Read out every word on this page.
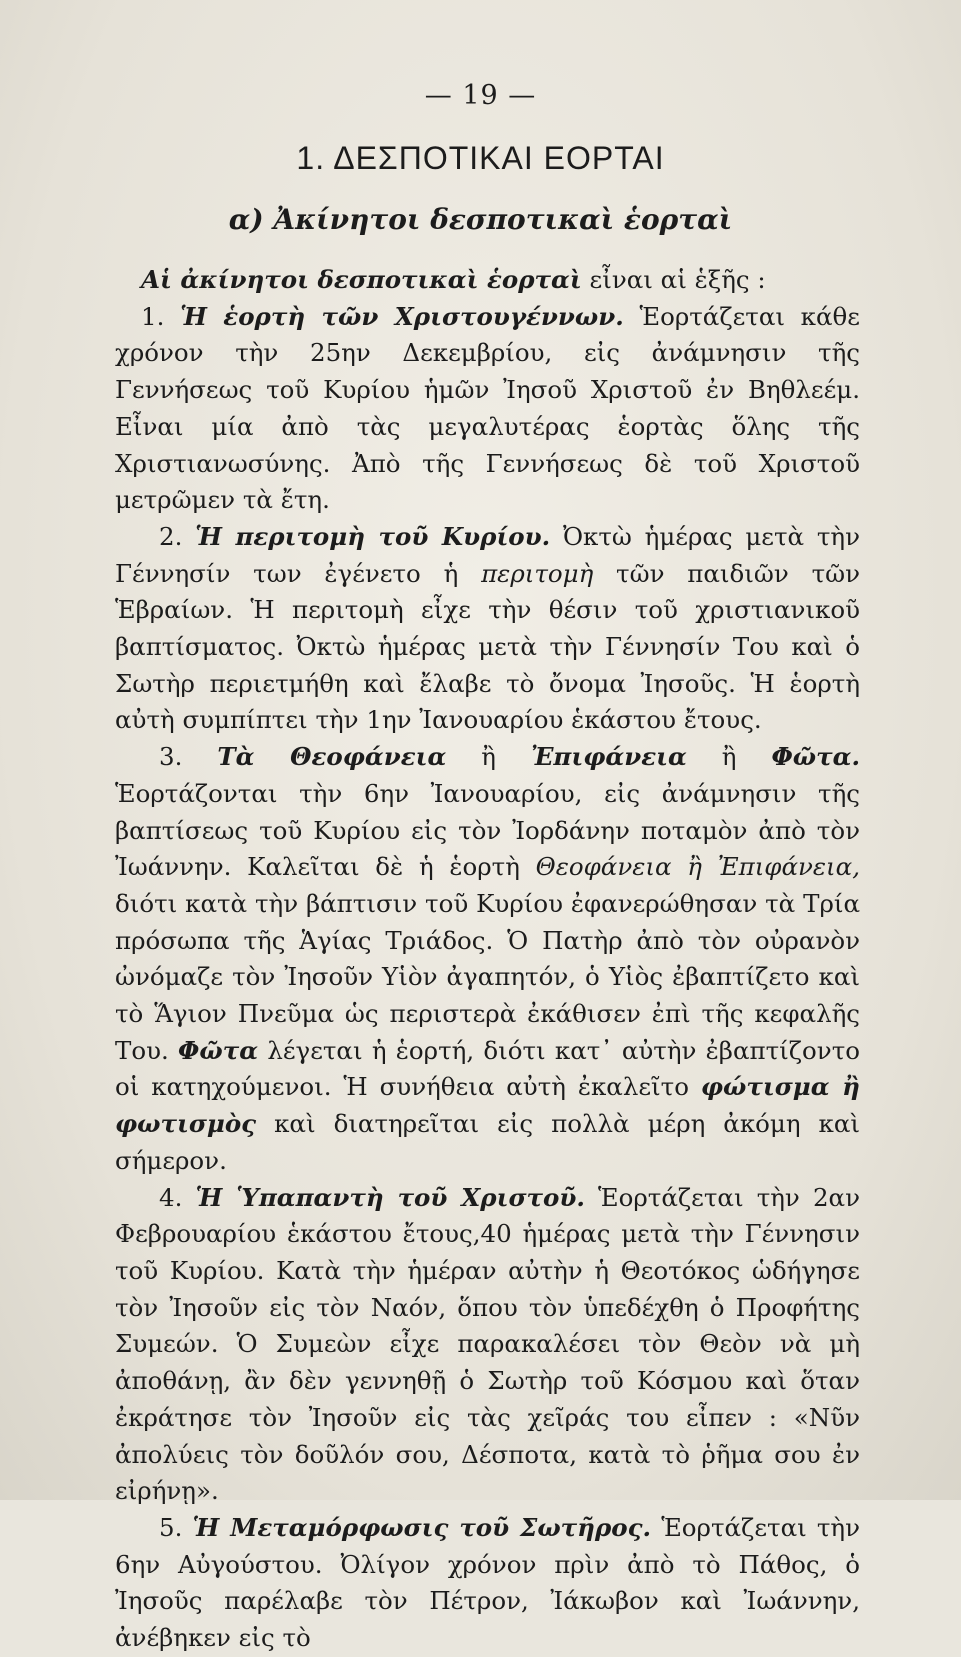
— 19 —
1. ΔΕΣΠΟΤΙΚΑΙ ΕΟΡΤΑΙ
α) Ἀκίνητοι δεσποτικαὶ ἑορταὶ

Αἱ ἀκίνητοι δεσποτικαὶ ἑορταὶ εἶναι αἱ ἑξῆς :

1. Ἡ ἑορτὴ τῶν Χριστουγέννων. Ἑορτάζεται κάθε χρόνον τὴν 25ην Δεκεμβρίου, εἰς ἀνάμνησιν τῆς Γεννήσεως τοῦ Κυρίου ἡμῶν Ἰησοῦ Χριστοῦ ἐν Βηθλεέμ. Εἶναι μία ἀπὸ τὰς μεγαλυτέρας ἑορτὰς ὅλης τῆς Χριστιανωσύνης. Ἀπὸ τῆς Γεννήσεως δὲ τοῦ Χριστοῦ μετρῶμεν τὰ ἔτη.

2. Ἡ περιτομὴ τοῦ Κυρίου. Ὀκτὼ ἡμέρας μετὰ τὴν Γέννησίν των ἐγένετο ἡ περιτομὴ τῶν παιδιῶν τῶν Ἑβραίων. Ἡ περιτομὴ εἶχε τὴν θέσιν τοῦ χριστιανικοῦ βαπτίσματος. Ὀκτὼ ἡμέρας μετὰ τὴν Γέννησίν Του καὶ ὁ Σωτὴρ περιετμήθη καὶ ἔλαβε τὸ ὄνομα Ἰησοῦς. Ἡ ἑορτὴ αὐτὴ συμπίπτει τὴν 1ην Ἰανουαρίου ἑκάστου ἔτους.

3. Τὰ Θεοφάνεια ἢ Ἐπιφάνεια ἢ Φῶτα. Ἑορτάζονται τὴν 6ην Ἰανουαρίου, εἰς ἀνάμνησιν τῆς βαπτίσεως τοῦ Κυρίου εἰς τὸν Ἰορδάνην ποταμὸν ἀπὸ τὸν Ἰωάννην. Καλεῖται δὲ ἡ ἑορτὴ Θεοφάνεια ἢ Ἐπιφάνεια, διότι κατὰ τὴν βάπτισιν τοῦ Κυρίου ἐφανερώθησαν τὰ Τρία πρόσωπα τῆς Ἁγίας Τριάδος. Ὁ Πατὴρ ἀπὸ τὸν οὐρανὸν ὠνόμαζε τὸν Ἰησοῦν Υἱὸν ἀγαπητόν, ὁ Υἱὸς ἐβαπτίζετο καὶ τὸ Ἅγιον Πνεῦμα ὡς περιστερὰ ἐκάθισεν ἐπὶ τῆς κεφαλῆς Του. Φῶτα λέγεται ἡ ἑορτή, διότι κατ᾽ αὐτὴν ἐβαπτίζοντο οἱ κατηχούμενοι. Ἡ συνήθεια αὐτὴ ἐκαλεῖτο φώτισμα ἢ φωτισμὸς καὶ διατηρεῖται εἰς πολλὰ μέρη ἀκόμη καὶ σήμερον.

4. Ἡ Ὑπαπαντὴ τοῦ Χριστοῦ. Ἑορτάζεται τὴν 2αν Φεβρουαρίου ἑκάστου ἔτους,40 ἡμέρας μετὰ τὴν Γέννησιν τοῦ Κυρίου. Κατὰ τὴν ἡμέραν αὐτὴν ἡ Θεοτόκος ὡδήγησε τὸν Ἰησοῦν εἰς τὸν Ναόν, ὅπου τὸν ὑπεδέχθη ὁ Προφήτης Συμεών. Ὁ Συμεὼν εἶχε παρακαλέσει τὸν Θεὸν νὰ μὴ ἀποθάνῃ, ἂν δὲν γεννηθῇ ὁ Σωτὴρ τοῦ Κόσμου καὶ ὅταν ἐκράτησε τὸν Ἰησοῦν εἰς τὰς χεῖράς του εἶπεν : «Νῦν ἀπολύεις τὸν δοῦλόν σου, Δέσποτα, κατὰ τὸ ῥῆμα σου ἐν εἰρήνῃ».

5. Ἡ Μεταμόρφωσις τοῦ Σωτῆρος. Ἑορτάζεται τὴν 6ην Αὐγούστου. Ὀλίγον χρόνον πρὶν ἀπὸ τὸ Πάθος, ὁ Ἰησοῦς παρέλαβε τὸν Πέτρον, Ἰάκωβον καὶ Ἰωάννην, ἀνέβηκεν εἰς τὸ
